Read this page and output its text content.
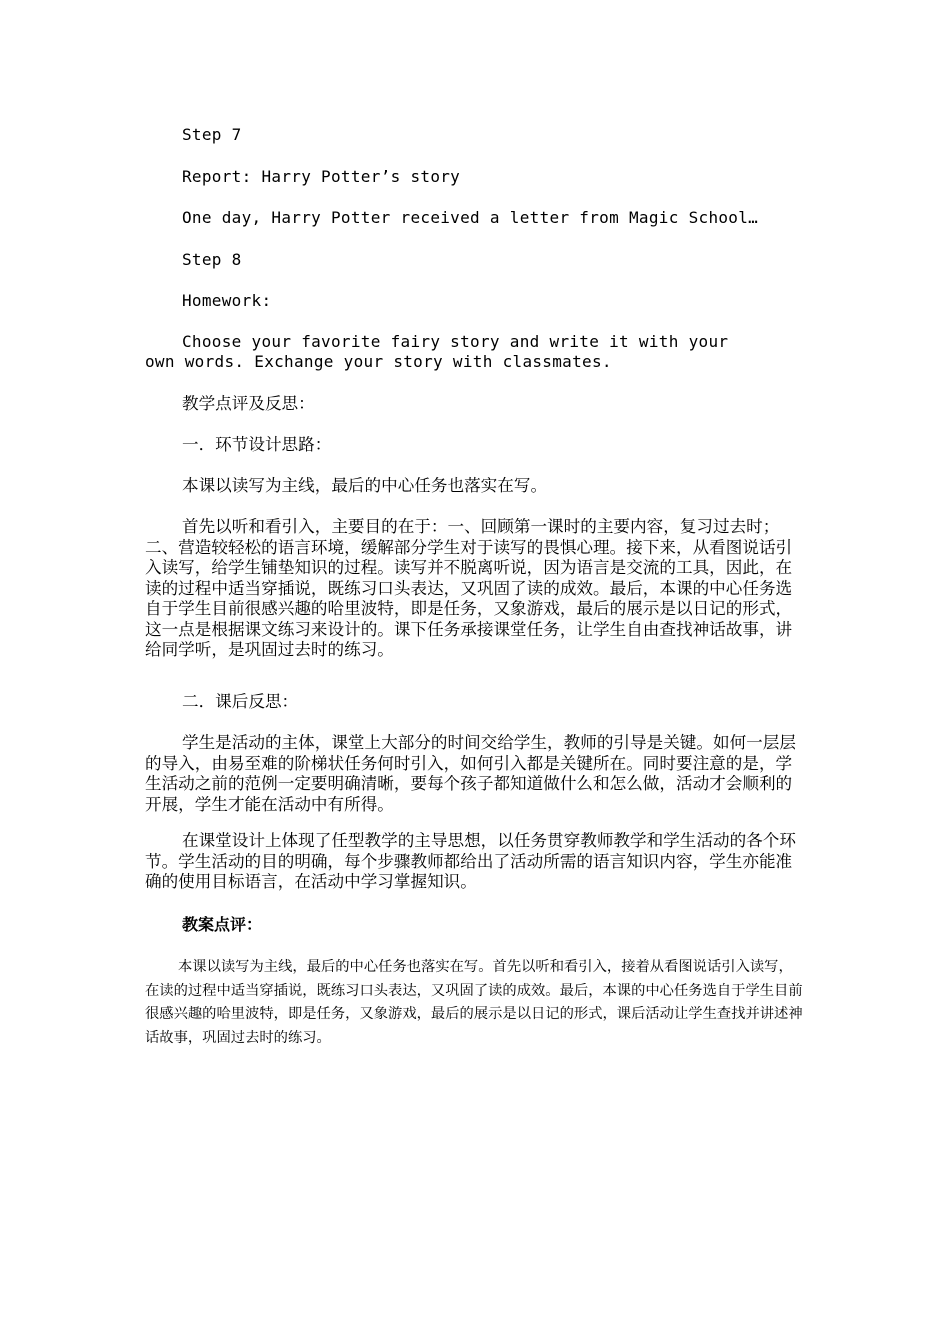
Step 7

Report: Harry Potter’s story

One day, Harry Potter received a letter from Magic School…

Step 8

Homework:

Choose your favorite fairy story and write it with your own words. Exchange your story with classmates.

教学点评及反思：

一．环节设计思路：

本课以读写为主线，最后的中心任务也落实在写。

首先以听和看引入，主要目的在于：一、回顾第一课时的主要内容，复习过去时；二、营造较轻松的语言环境，缓解部分学生对于读写的畏惧心理。接下来，从看图说话引入读写，给学生铺垫知识的过程。读写并不脱离听说，因为语言是交流的工具，因此，在读的过程中适当穿插说，既练习口头表达，又巩固了读的成效。最后，本课的中心任务选自于学生目前很感兴趣的哈里波特，即是任务，又象游戏，最后的展示是以日记的形式，这一点是根据课文练习来设计的。课下任务承接课堂任务，让学生自由查找神话故事，讲给同学听，是巩固过去时的练习。

二．课后反思：

学生是活动的主体，课堂上大部分的时间交给学生，教师的引导是关键。如何一层层的导入，由易至难的阶梯状任务何时引入，如何引入都是关键所在。同时要注意的是，学生活动之前的范例一定要明确清晰，要每个孩子都知道做什么和怎么做，活动才会顺利的开展，学生才能在活动中有所得。

在课堂设计上体现了任型教学的主导思想，以任务贯穿教师教学和学生活动的各个环节。学生活动的目的明确，每个步骤教师都给出了活动所需的语言知识内容，学生亦能准确的使用目标语言，在活动中学习掌握知识。

教案点评：

本课以读写为主线，最后的中心任务也落实在写。首先以听和看引入，接着从看图说话引入读写，在读的过程中适当穿插说，既练习口头表达，又巩固了读的成效。最后，本课的中心任务选自于学生目前很感兴趣的哈里波特，即是任务，又象游戏，最后的展示是以日记的形式，课后活动让学生查找并讲述神话故事，巩固过去时的练习。
